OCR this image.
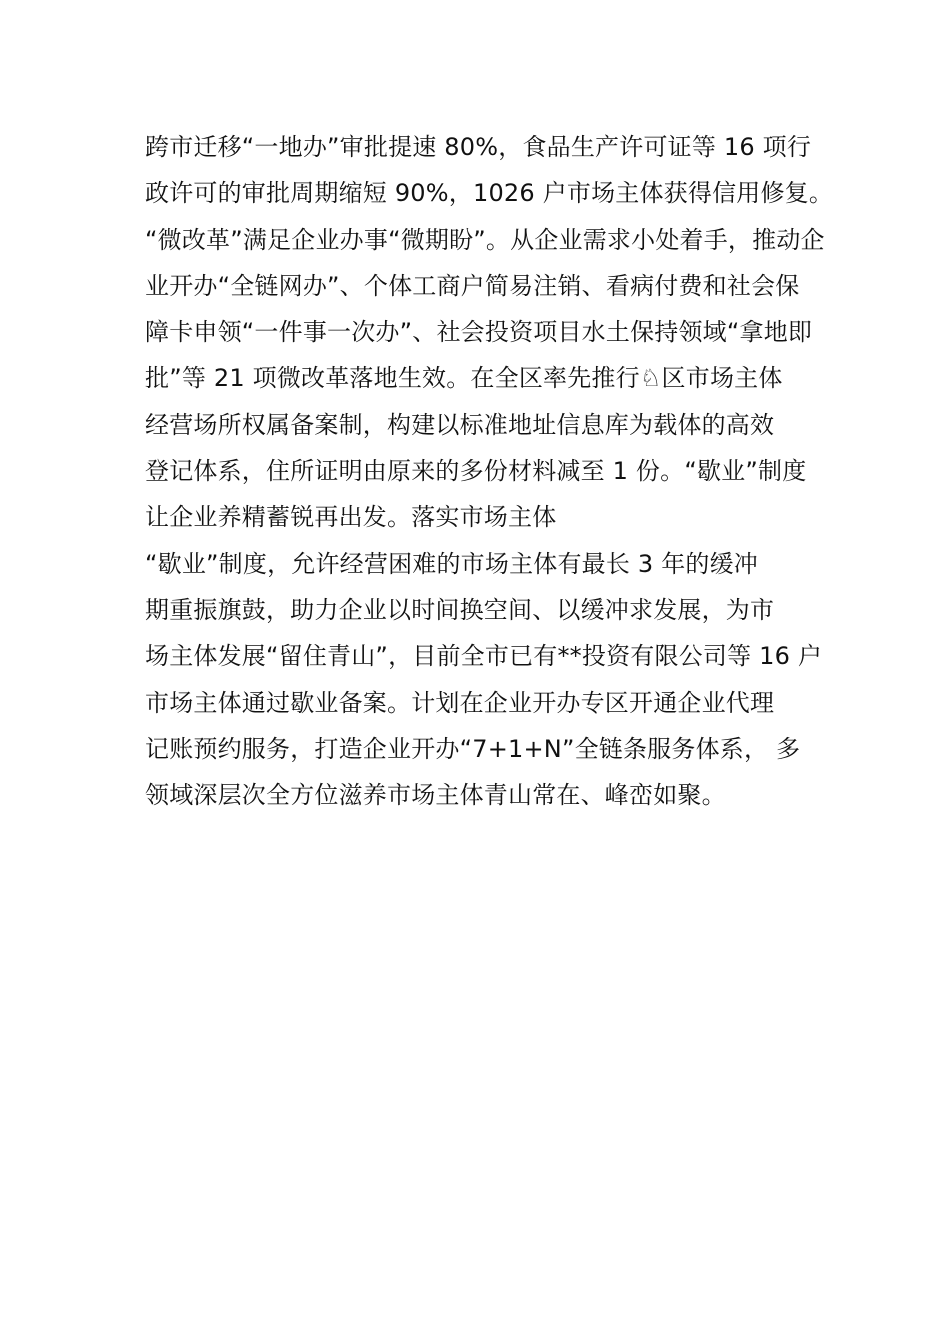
跨市迁移“一地办”审批提速 80%，食品生产许可证等 16 项行
政许可的审批周期缩短 90%，1026 户市场主体获得信用修复。
“微改革”满足企业办事“微期盼”。从企业需求小处着手，推动企
业开办“全链网办”、个体工商户简易注销、看病付费和社会保
障卡申领“一件事一次办”、社会投资项目水土保持领域“拿地即
批”等 21 项微改革落地生效。在全区率先推行♘区市场主体
经营场所权属备案制，构建以标准地址信息库为载体的高效
登记体系，住所证明由原来的多份材料减至 1 份。“歇业”制度
让企业养精蓄锐再出发。落实市场主体
“歇业”制度，允许经营困难的市场主体有最长 3 年的缓冲
期重振旗鼓，助力企业以时间换空间、以缓冲求发展，为市
场主体发展“留住青山”，目前全市已有**投资有限公司等 16 户
市场主体通过歇业备案。计划在企业开办专区开通企业代理
记账预约服务，打造企业开办“7+1+N”全链条服务体系， 多
领域深层次全方位滋养市场主体青山常在、峰峦如聚。
